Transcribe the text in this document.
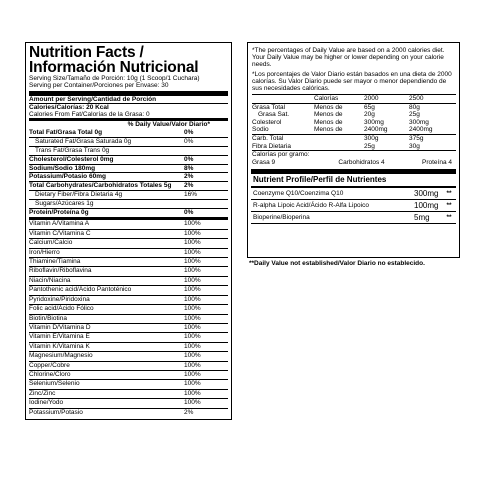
Nutrition Facts /
Información Nutricional
Serving Size/Tamaño de Porción: 10g (1 Scoop/1 Cuchara)
Serving per Container/Porciones per Envase: 30
Amount per Serving/Cantidad de Porción
Calories/Calorías: 20 Kcal
Calories From Fat/Calorías de la Grasa: 0
% Daily Value/Valor Diario*
Total Fat/Grasa Total 0g	0%
Saturated Fat/Grasa Saturada 0g	0%
Trans Fat/Grasa Trans 0g
Cholesterol/Colesterol 0mg	0%
Sodium/Sodio 180mg	8%
Potassium/Potasio 60mg	2%
Total Carbohydrates/Carbohidratos Totales 5g 2%
Dietary Fiber/Fibra Dietaria 4g	16%
Sugars/Azúcares 1g
Protein/Proteína 0g	0%
Vitamin A/Vitamina A	100%
Vitamin C/Vitamina C	100%
Calcium/Calcio	100%
Iron/Hierro	100%
Thiamine/Tiamina	100%
Riboflavin/Riboflavina	100%
Niacin/Niacina	100%
Pantothenic acid/Ácido Pantoténico	100%
Pyridoxine/Piridoxina	100%
Folic acid/Ácido Fólico	100%
Biotin/Biotina	100%
Vitamin D/Vitamina D	100%
Vitamin E/Vitamina E	100%
Vitamin K/Vitamina K	100%
Magnesium/Magnesio	100%
Copper/Cobre	100%
Chlorine/Cloro	100%
Selenium/Selenio	100%
Zinc/Zinc	100%
Iodine/Yodo	100%
Potassium/Potasio	2%
*The percentages of Daily Value are based on a 2000 calories diet. Your Daily Value may be higher or lower depending on your calorie needs.
*Los porcentajes de Valor Diario están basados en una dieta de 2000 calorías. Su Valor Diario puede ser mayor o menor dependiendo de sus necesidades calóricas.
	Calorías	2000	2500
Grasa Total	Menos de	65g	80g
Grasa Sat.	Menos de	20g	25g
Colesterol	Menos de	300mg	300mg
Sodio	Menos de	2400mg	2400mg
Carb. Total		300g	375g
Fibra Dietaria		25g	30g
Calorías por gramo:			
Grasa 9	Carbohidratos 4		Proteína 4
Nutrient Profile/Perfil de Nutrientes
Coenzyme Q10/Coenzima Q10	300mg	**
R-alpha Lipoic Acid/Ácido R-Alfa Lipoico	100mg	**
Bioperine/Bioperina	5mg	**
**Daily Value not established/Valor Diario no establecido.
